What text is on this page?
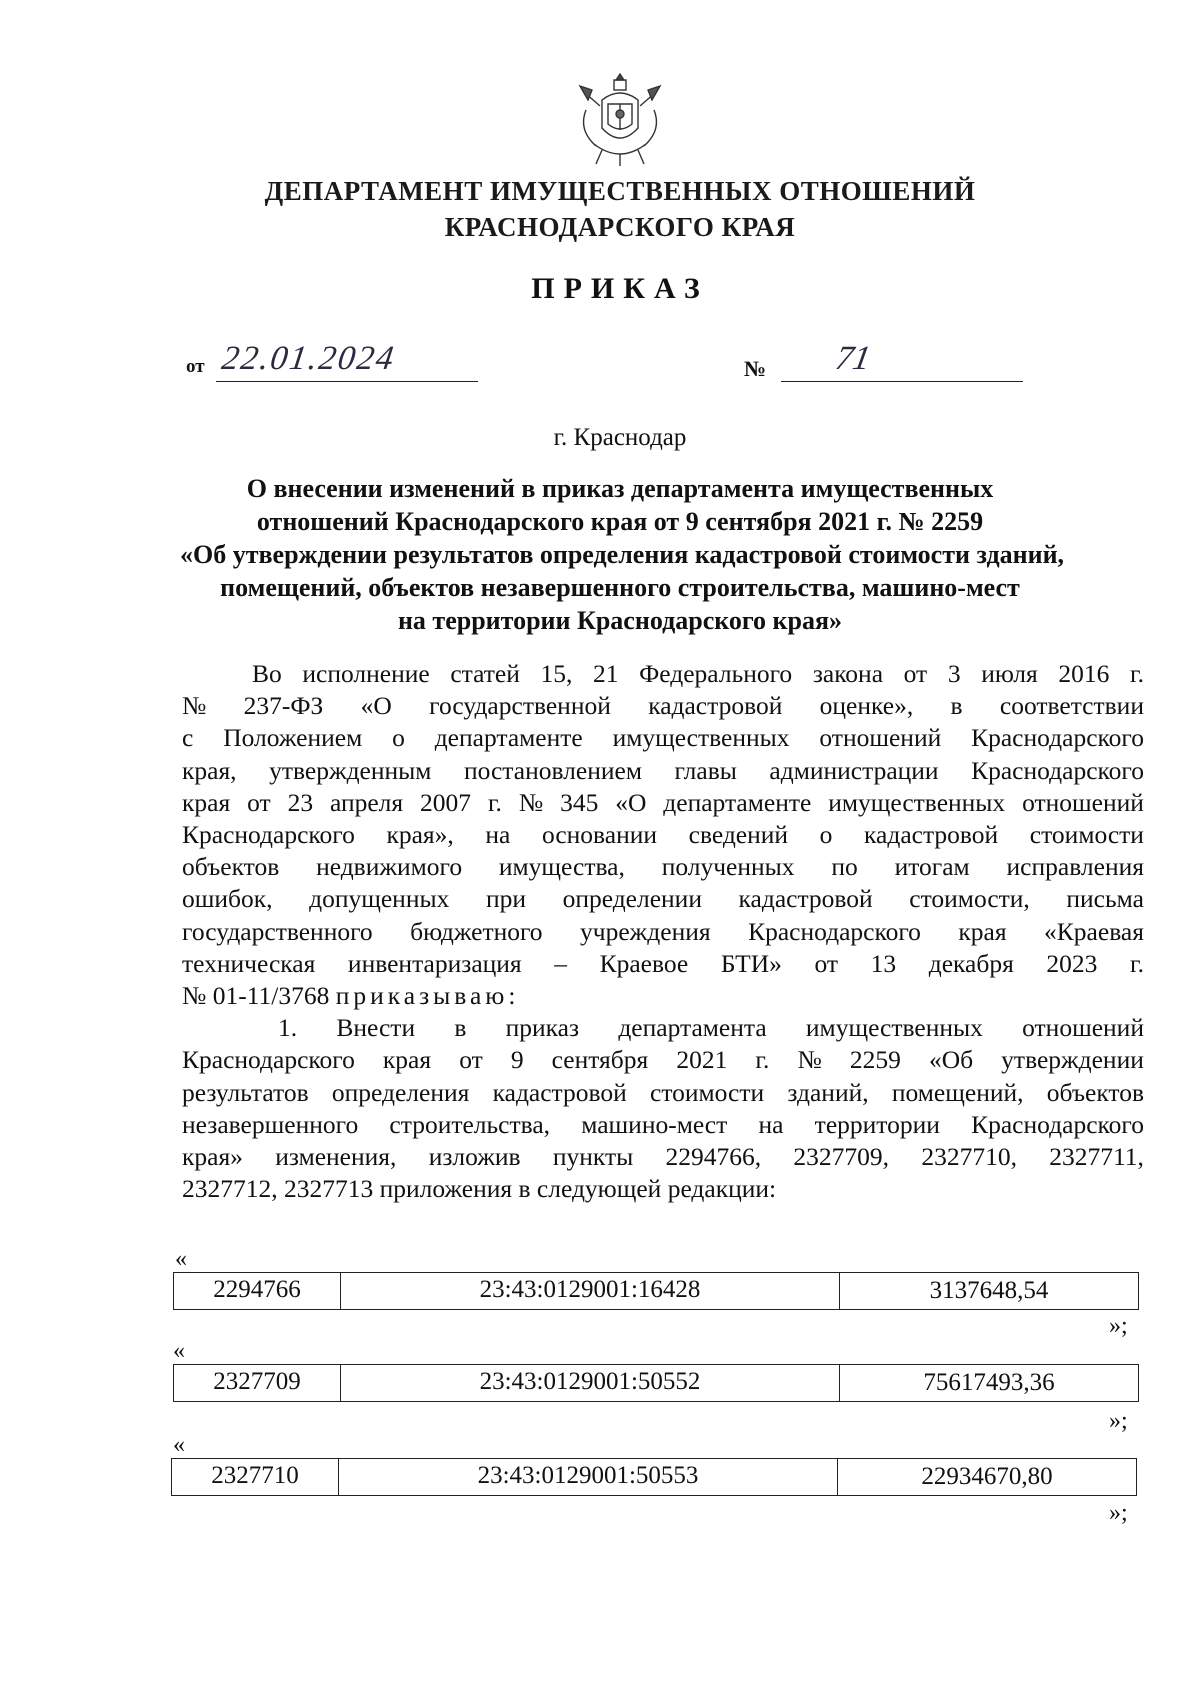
ДЕПАРТАМЕНТ ИМУЩЕСТВЕННЫХ ОТНОШЕНИЙ
КРАСНОДАРСКОГО КРАЯ
ПРИКАЗ
от 22.01.2024	№ 71
г. Краснодар
О внесении изменений в приказ департамента имущественных
отношений Краснодарского края от 9 сентября 2021 г. № 2259
«Об утверждении результатов определения кадастровой стоимости зданий,
помещений, объектов незавершенного строительства, машино-мест
на территории Краснодарского края»
Во исполнение статей 15, 21 Федерального закона от 3 июля 2016 г.
№ 237-ФЗ «О государственной кадастровой оценке», в соответствии
с Положением о департаменте имущественных отношений Краснодарского
края, утвержденным постановлением главы администрации Краснодарского
края от 23 апреля 2007 г. № 345 «О департаменте имущественных отношений
Краснодарского края», на основании сведений о кадастровой стоимости
объектов недвижимого имущества, полученных по итогам исправления
ошибок, допущенных при определении кадастровой стоимости, письма
государственного бюджетного учреждения Краснодарского края «Краевая
техническая инвентаризация – Краевое БТИ» от 13 декабря 2023 г.
№ 01-11/3768 приказываю:
1. Внести в приказ департамента имущественных отношений
Краснодарского края от 9 сентября 2021 г. № 2259 «Об утверждении
результатов определения кадастровой стоимости зданий, помещений, объектов
незавершенного строительства, машино-мест на территории Краснодарского
края» изменения, изложив пункты 2294766, 2327709, 2327710, 2327711,
2327712, 2327713 приложения в следующей редакции:
«
2294766	23:43:0129001:16428	3137648,54
»;
«
2327709	23:43:0129001:50552	75617493,36
»;
«
2327710	23:43:0129001:50553	22934670,80
»;
